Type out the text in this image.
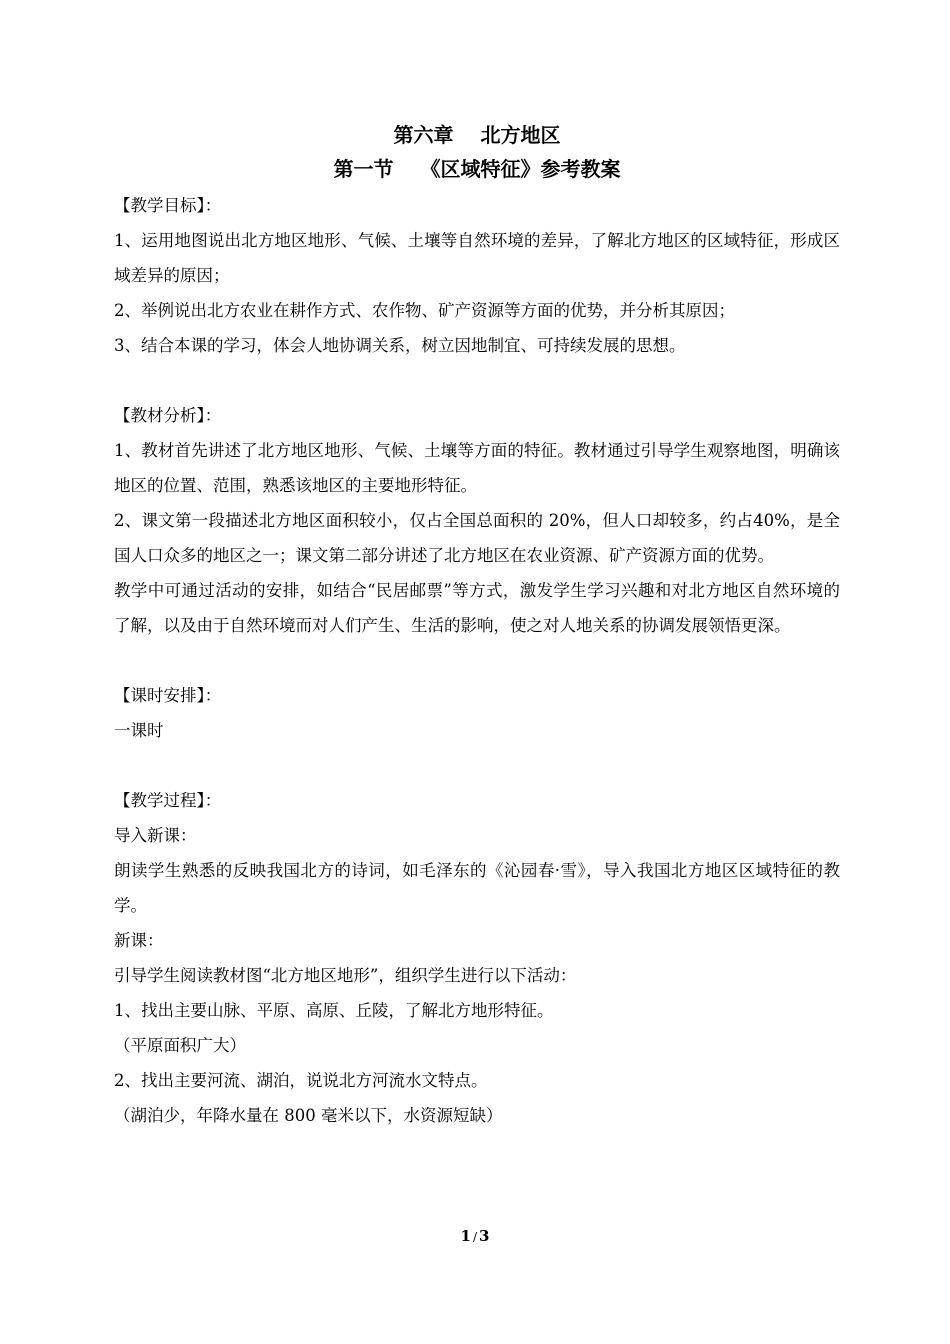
第六章　 北方地区

第一节　 《区域特征》参考教案

【教学目标】：

1、运用地图说出北方地区地形、气候、土壤等自然环境的差异，了解北方地区的区域特征，形成区域差异的原因；

2、举例说出北方农业在耕作方式、农作物、矿产资源等方面的优势，并分析其原因；

3、结合本课的学习，体会人地协调关系，树立因地制宜、可持续发展的思想。

【教材分析】：

1、教材首先讲述了北方地区地形、气候、土壤等方面的特征。教材通过引导学生观察地图，明确该地区的位置、范围，熟悉该地区的主要地形特征。

2、课文第一段描述北方地区面积较小，仅占全国总面积的 20%，但人口却较多，约占40%，是全国人口众多的地区之一；课文第二部分讲述了北方地区在农业资源、矿产资源方面的优势。

教学中可通过活动的安排，如结合“民居邮票”等方式，激发学生学习兴趣和对北方地区自然环境的了解，以及由于自然环境而对人们产生、生活的影响，使之对人地关系的协调发展领悟更深。

【课时安排】：

一课时

【教学过程】：

导入新课：

朗读学生熟悉的反映我国北方的诗词，如毛泽东的《沁园春·雪》，导入我国北方地区区域特征的教学。

新课：

引导学生阅读教材图“北方地区地形”，组织学生进行以下活动：

1、找出主要山脉、平原、高原、丘陵，了解北方地形特征。

（平原面积广大）

2、找出主要河流、湖泊，说说北方河流水文特点。

（湖泊少，年降水量在 800 毫米以下，水资源短缺）

1 / 3
